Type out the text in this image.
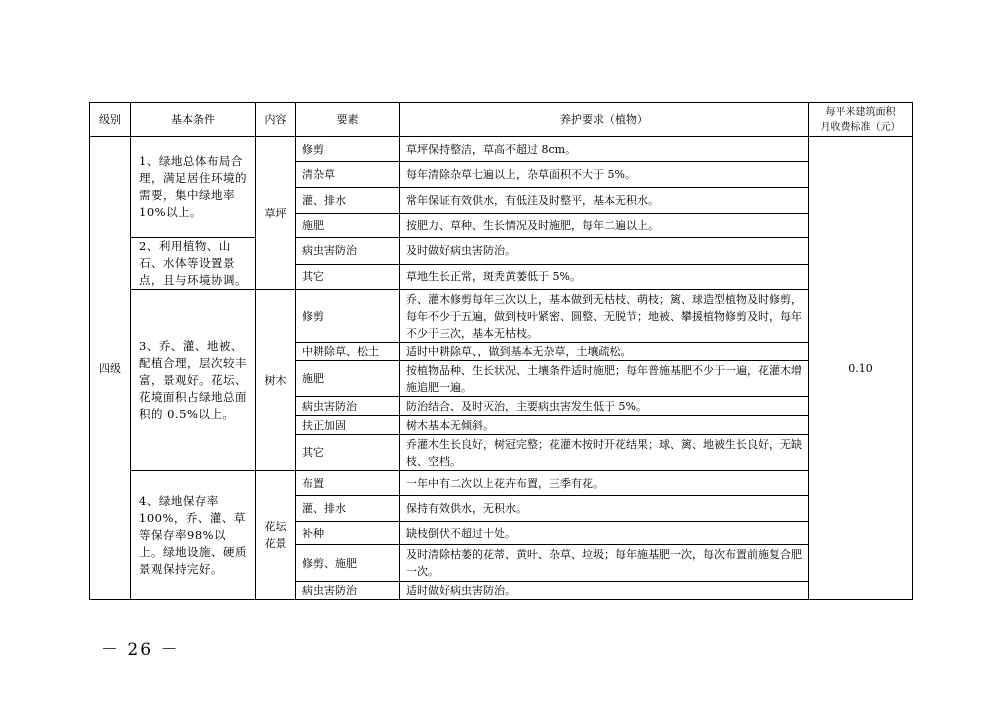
级别	基本条件	内容	要素	养护要求（植物）	每平米建筑面积
月收费标准（元）

四级	1、绿地总体布局合理，满足居住环境的需要，集中绿地率10%以上。	草坪	修剪	草坪保持整洁，草高不超过 8cm。	0.10
			清杂草	每年清除杂草七遍以上，杂草面积不大于 5%。	
			灌、排水	常年保证有效供水，有低洼及时整平，基本无积水。	
			施肥	按肥力、草种、生长情况及时施肥，每年二遍以上。	
	2、利用植物、山石、水体等设置景点，且与环境协调。		病虫害防治	及时做好病虫害防治。	
			其它	草地生长正常，斑秃黄萎低于 5%。	
	3、乔、灌、地被、配植合理，层次较丰富，景观好。花坛、花境面积占绿地总面积的 0.5%以上。	树木	修剪	乔、灌木修剪每年三次以上，基本做到无枯枝、萌枝；篱、球造型植物及时修剪，每年不少于五遍，做到枝叶紧密、圆整、无脱节；地被、攀援植物修剪及时，每年不少于三次，基本无枯枝。	
			中耕除草、松土	适时中耕除草、，做到基本无杂草，土壤疏松。	
			施肥	按植物品种、生长状况、土壤条件适时施肥；每年普施基肥不少于一遍，花灌木增施追肥一遍。	
			病虫害防治	防治结合、及时灭治，主要病虫害发生低于 5%。	
			扶正加固	树木基本无倾斜。	
			其它	乔灌木生长良好，树冠完整；花灌木按时开花结果；球、篱、地被生长良好，无缺枝、空档。	
	4、绿地保存率 100%，乔、灌、草等保存率98%以上。绿地设施、硬质景观保持完好。	花坛花景	布置	一年中有二次以上花卉布置，三季有花。	
			灌、排水	保持有效供水，无积水。	
			补种	缺枝倒伏不超过十处。	
			修剪、施肥	及时清除枯萎的花蒂、黄叶、杂草、垃圾；每年施基肥一次，每次布置前施复合肥一次。	
			病虫害防治	适时做好病虫害防治。	
－ 26 －
